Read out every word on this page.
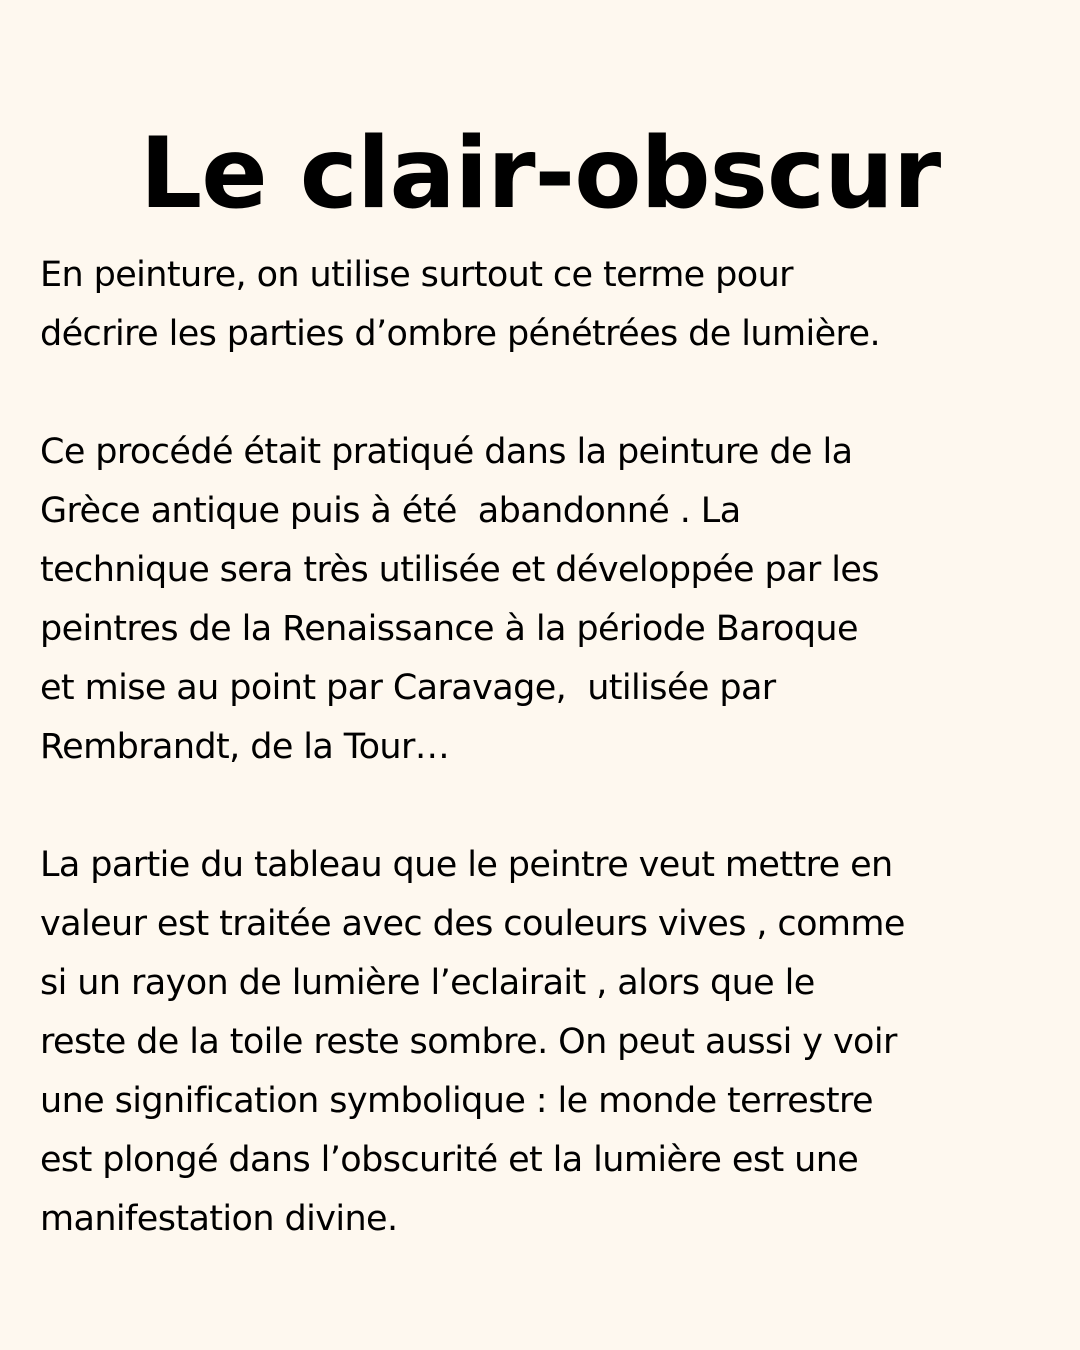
Le clair-obscur

En peinture, on utilise surtout ce terme pour
décrire les parties d’ombre pénétrées de lumière.

Ce procédé était pratiqué dans la peinture de la
Grèce antique puis à été  abandonné . La
technique sera très utilisée et développée par les
peintres de la Renaissance à la période Baroque
et mise au point par Caravage,  utilisée par
Rembrandt, de la Tour…

La partie du tableau que le peintre veut mettre en
valeur est traitée avec des couleurs vives , comme
si un rayon de lumière l’eclairait , alors que le
reste de la toile reste sombre. On peut aussi y voir
une signification symbolique : le monde terrestre
est plongé dans l’obscurité et la lumière est une
manifestation divine.
